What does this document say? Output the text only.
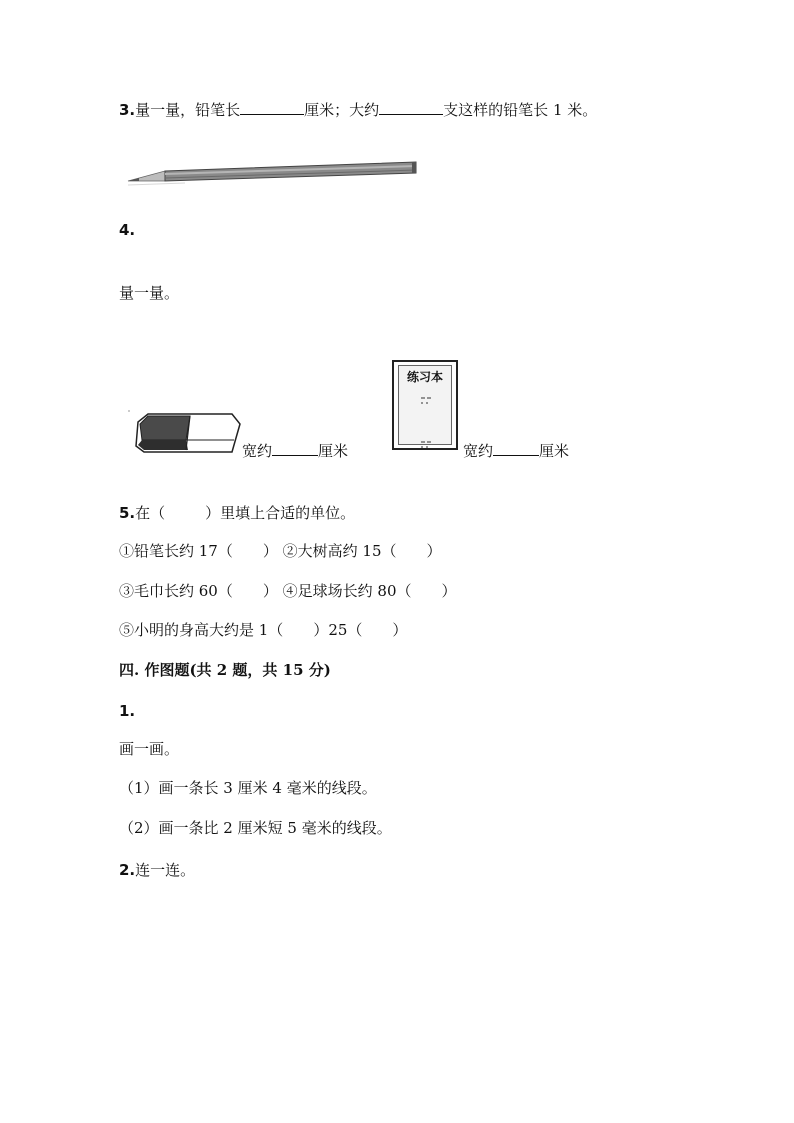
3.量一量，铅笔长	厘米；大约	支这样的铅笔长 1 米。
4.
量一量。
宽约	厘米
练习本
宽约	厘米
5.在（	）里填上合适的单位。
①铅笔长约 17（ ） ②大树高约 15（ ）
③毛巾长约 60（ ） ④足球场长约 80（ ）
⑤小明的身高大约是 1（ ）25（ ）
四. 作图题(共 2 题，共 15 分)
1.
画一画。
（1）画一条长 3 厘米 4 毫米的线段。
（2）画一条比 2 厘米短 5 毫米的线段。
2.连一连。
